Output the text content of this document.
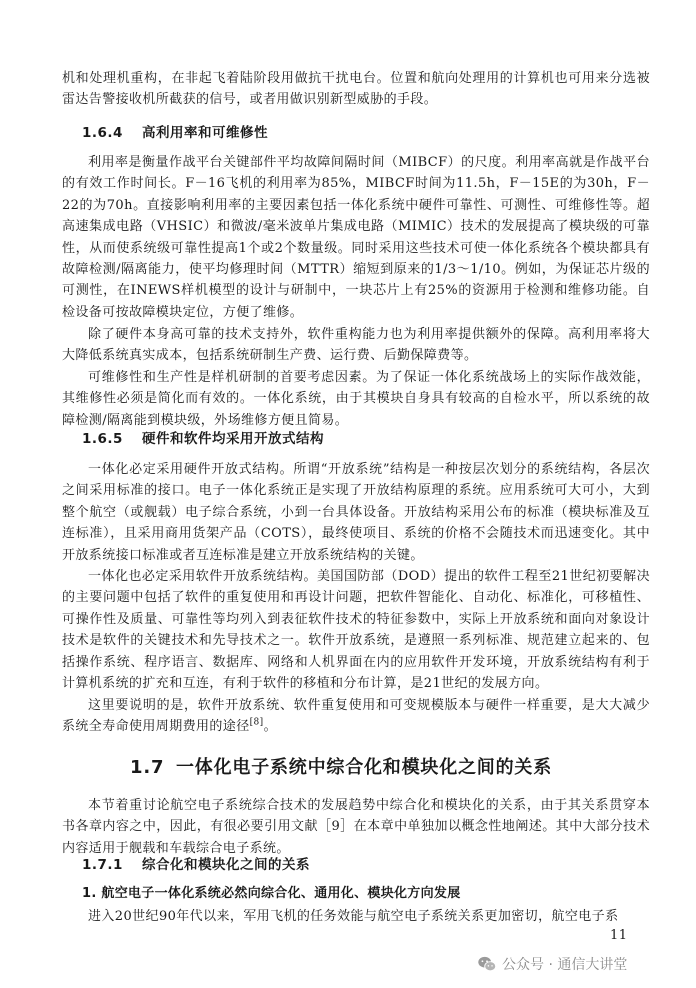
机和处理机重构，在非起飞着陆阶段用做抗干扰电台。位置和航向处理用的计算机也可用来分选被雷达告警接收机所截获的信号，或者用做识别新型威胁的手段。

1.6.4 高利用率和可维修性

利用率是衡量作战平台关键部件平均故障间隔时间（MIBCF）的尺度。利用率高就是作战平台的有效工作时间长。F－16飞机的利用率为85%，MIBCF时间为11.5h，F－15E的为30h，F－22的为70h。直接影响利用率的主要因素包括一体化系统中硬件可靠性、可测性、可维修性等。超高速集成电路（VHSIC）和微波/毫米波单片集成电路（MIMIC）技术的发展提高了模块级的可靠性，从而使系统级可靠性提高1个或2个数量级。同时采用这些技术可使一体化系统各个模块都具有故障检测/隔离能力，使平均修理时间（MTTR）缩短到原来的1/3～1/10。例如，为保证芯片级的可测性，在INEWS样机模型的设计与研制中，一块芯片上有25%的资源用于检测和维修功能。自检设备可按故障模块定位，方便了维修。

除了硬件本身高可靠的技术支持外，软件重构能力也为利用率提供额外的保障。高利用率将大大降低系统真实成本，包括系统研制生产费、运行费、后勤保障费等。

可维修性和生产性是样机研制的首要考虑因素。为了保证一体化系统战场上的实际作战效能，其维修性必须是简化而有效的。一体化系统，由于其模块自身具有较高的自检水平，所以系统的故障检测/隔离能到模块级，外场维修方便且简易。

1.6.5 硬件和软件均采用开放式结构

一体化必定采用硬件开放式结构。所谓“开放系统”结构是一种按层次划分的系统结构，各层次之间采用标准的接口。电子一体化系统正是实现了开放结构原理的系统。应用系统可大可小，大到整个航空（或舰载）电子综合系统，小到一台具体设备。开放结构采用公布的标准（模块标准及互连标准），且采用商用货架产品（COTS），最终使项目、系统的价格不会随技术而迅速变化。其中开放系统接口标准或者互连标准是建立开放系统结构的关键。

一体化也必定采用软件开放系统结构。美国国防部（DOD）提出的软件工程至21世纪初要解决的主要问题中包括了软件的重复使用和再设计问题，把软件智能化、自动化、标准化，可移植性、可操作性及质量、可靠性等均列入到表征软件技术的特征参数中，实际上开放系统和面向对象设计技术是软件的关键技术和先导技术之一。软件开放系统，是遵照一系列标准、规范建立起来的、包括操作系统、程序语言、数据库、网络和人机界面在内的应用软件开发环境，开放系统结构有利于计算机系统的扩充和互连，有利于软件的移植和分布计算，是21世纪的发展方向。

这里要说明的是，软件开放系统、软件重复使用和可变规模版本与硬件一样重要，是大大减少系统全寿命使用周期费用的途径[8]。

1.7 一体化电子系统中综合化和模块化之间的关系

本节着重讨论航空电子系统综合技术的发展趋势中综合化和模块化的关系，由于其关系贯穿本书各章内容之中，因此，有很必要引用文献［9］在本章中单独加以概念性地阐述。其中大部分技术内容适用于舰载和车载综合电子系统。

1.7.1 综合化和模块化之间的关系
1. 航空电子一体化系统必然向综合化、通用化、模块化方向发展

进入20世纪90年代以来，军用飞机的任务效能与航空电子系统关系更加密切，航空电子系

11
公众号 · 通信大讲堂
